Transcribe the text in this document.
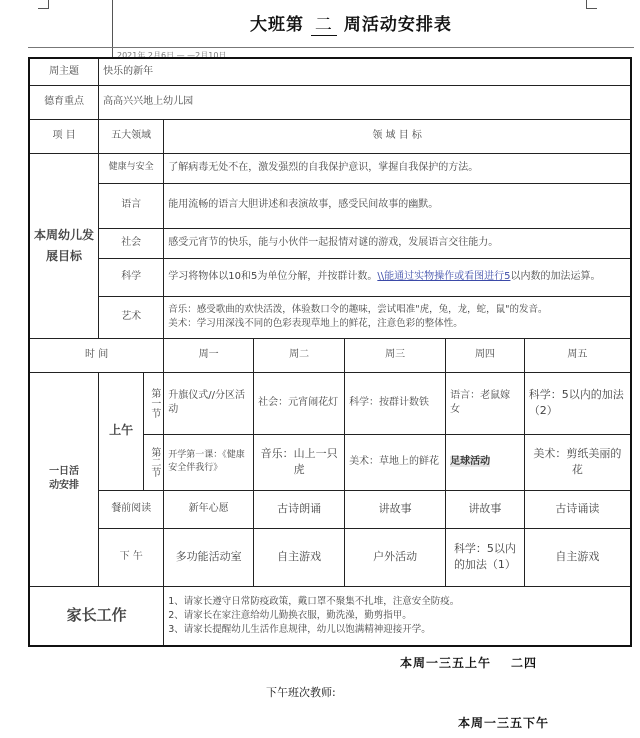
大班第 二 周活动安排表
2021年 2月6日 — —2月10日
周主题	快乐的新年						
德育重点	高高兴兴地上幼儿园						
项 目	五大领域		领 域 目 标				
本周幼儿发展目标	健康与安全		了解病毒无处不在，激发强烈的自我保护意识，掌握自我保护的方法。				
	语言		能用流畅的语言大胆讲述和表演故事，感受民间故事的幽默。				
	社会		感受元宵节的快乐，能与小伙伴一起报情对谜的游戏，发展语言交往能力。				
	科学		学习将物体以10和5为单位分解，并按群计数。\\能通过实物操作或看图进行5以内数的加法运算。				
	艺术		音乐：感受歌曲的欢快活泼，体验数口令的趣味，尝试唱准"虎，兔，龙，蛇，鼠"的发音。
美术：学习用深浅不同的色彩表现草地上的鲜花，注意色彩的整体性。				

时 间			周一	周二	周三	周四	周五
一日活动安排	上午	第一节	升旗仪式//分区活动	社会：元宵闹花灯	科学：按群计数铁	语言：老鼠嫁女	科学：5以内的加法（2）
		第二节	开学第一课：《健康安全伴我行》	音乐：山上一只虎	美术：草地上的鲜花	足球活动	美术：剪纸美丽的花
	餐前阅读		新年心愿	古诗朗诵	讲故事	讲故事	古诗诵读
	下 午		多功能活动室	自主游戏	户外活动	科学：5以内的加法（1）	自主游戏
家长工作			1、请家长遵守日常防疫政策，戴口罩不聚集不扎堆，注意安全防疫。
2、请家长在家注意给幼儿勤换衣服，勤洗澡，勤剪指甲。
3、请家长提醒幼儿生活作息规律，幼儿以饱满精神迎接开学。				
本周一三五上午 二四
下午班次教师:
本周一三五下午
